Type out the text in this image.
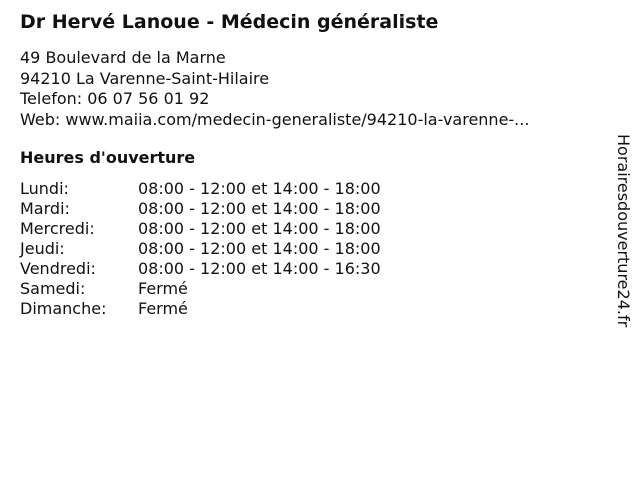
Dr Hervé Lanoue - Médecin généraliste
49 Boulevard de la Marne
94210 La Varenne-Saint-Hilaire
Telefon: 06 07 56 01 92
Web: www.maiia.com/medecin-generaliste/94210-la-varenne-...
Heures d'ouverture
Lundi:	08:00 - 12:00 et 14:00 - 18:00
Mardi:	08:00 - 12:00 et 14:00 - 18:00
Mercredi:	08:00 - 12:00 et 14:00 - 18:00
Jeudi:	08:00 - 12:00 et 14:00 - 18:00
Vendredi:	08:00 - 12:00 et 14:00 - 16:30
Samedi:	Fermé
Dimanche:	Fermé	Horairesdouverture24.fr
